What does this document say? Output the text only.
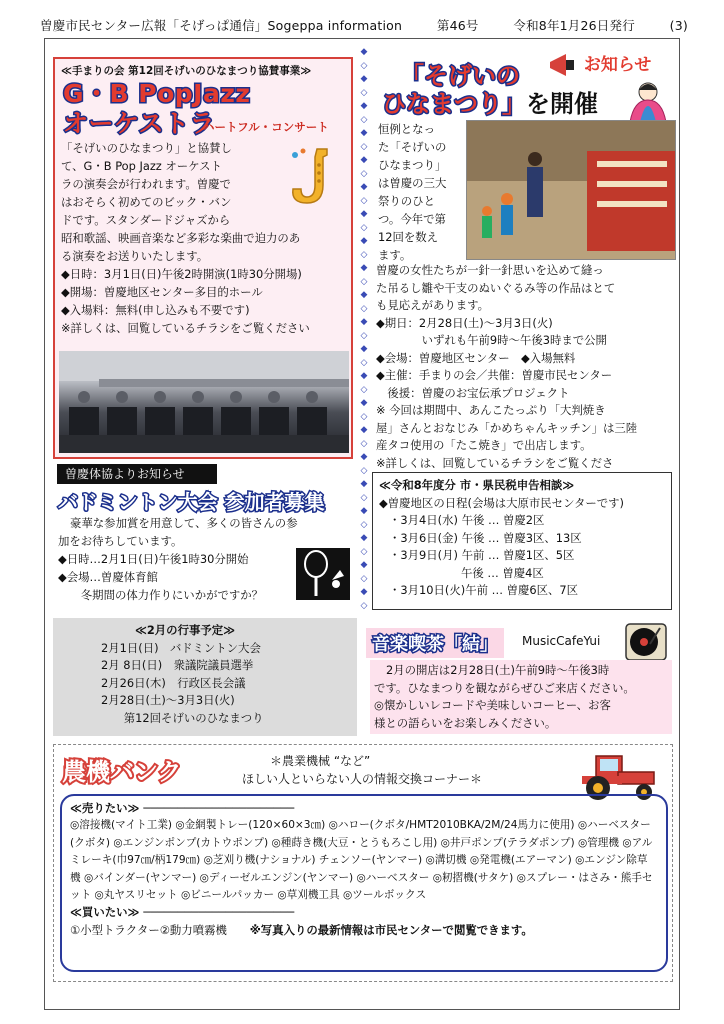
曽慶市民センター広報「そげっぱ通信」Sogeppa information	第46号	令和8年1月26日発行	(3)
≪手まりの会 第12回そげいのひなまつり協賛事業≫
G・B PopJazz
オーケストラ
ハートフル・コンサート
「そげいのひなまつり」と協賛し
て、G・B Pop Jazz オーケスト
ラの演奏会が行われます。曽慶で
はおそらく初めてのビック・バン
ドです。スタンダードジャズから
昭和歌謡、映画音楽など多彩な楽曲で迫力のあ
る演奏をお送りいたします。
◆日時：3月1日(日)午後2時開演(1時30分開場)
◆開場：曽慶地区センター多目的ホール
◆入場料：無料(申し込みも不要です)
※詳しくは、回覧しているチラシをご覧ください
◆
◇
◆
◇
◆
◇
◆
◇
◆
◇
◆
◇
◆
◇
◆
◇
◆
◇
◆
◇
◆
◇
◆
◇
◆
◇
◆
◇
◆
◇
◆
◇
◆
◇
◆
◇
◆
◇
◆
◇
◆
◇
「そげいの
ひなまつり」を開催
お知らせ
恒例となっ
た「そげいの
ひなまつり」
は曽慶の三大
祭りのひと
つ。今年で第
12回を数え
ます。
曽慶の女性たちが一針一針思いを込めて縫っ
た吊るし雛や干支のぬいぐるみ等の作品はとて
も見応えがあります。
◆期日：2月28日(土)～3月3日(火)
　　　　いずれも午前9時～午後3時まで公開
◆会場：曽慶地区センター　◆入場無料
◆主催：手まりの会／共催：曽慶市民センター
　後援：曽慶のお宝伝承プロジェクト
※ 今回は期間中、あんこたっぷり「大判焼き
屋」さんとおなじみ「かめちゃんキッチン」は三陸
産タコ使用の「たこ焼き」で出店します。
※詳しくは、回覧しているチラシをご覧くださ
≪令和8年度分 市・県民税申告相談≫
◆曽慶地区の日程(会場は大原市民センターです)
・3月4日(水) 午後 … 曽慶2区
・3月6日(金) 午後 … 曽慶3区、13区
・3月9日(月) 午前 … 曽慶1区、5区
　　　　　　 午後 … 曽慶4区
・3月10日(火)午前 … 曽慶6区、7区
曽慶体協よりお知らせ
バドミントン大会 参加者募集
豪華な参加賞を用意して、多くの皆さんの参
加をお待ちしています。
◆日時…2月1日(日)午後1時30分開始
◆会場…曽慶体育館
　　冬期間の体力作りにいかがですか？
≪2月の行事予定≫
2月1日(日)　バドミントン大会
2月 8日(日)　衆議院議員選挙
2月26日(木)　行政区長会議
2月28日(土)～3月3日(火)
　　第12回そげいのひなまつり
音楽喫茶「結」	MusicCafeYui
2月の開店は2月28日(土)午前9時～午後3時
です。ひなまつりを観ながらぜひご来店ください。
◎懐かしいレコードや美味しいコーヒー、お客
様との語らいをお楽しみください。
農機バンク	＊農業機械 “など”
ほしい人といらない人の情報交換コーナー＊
≪売りたい≫ ──────────────────────
◎溶接機(マイト工業) ◎金網製トレー(120×60×3㎝) ◎ハロー(クボタ/HMT2010BKA/2M/24馬力に使用) ◎ハーベスター(クボタ) ◎エンジンポンプ(カトウポンプ) ◎種蒔き機(大豆・とうもろこし用) ◎井戸ポンプ(テラダポンプ) ◎管理機 ◎アルミレーキ(巾97㎝/柄179㎝) ◎芝刈り機(ナショナル) チェンソー(ヤンマー) ◎溝切機 ◎発電機(エアーマン) ◎エンジン除草機 ◎バインダー(ヤンマー) ◎ディーゼルエンジン(ヤンマー) ◎ハーベスター ◎籾摺機(サタケ) ◎スプレー・はさみ・熊手セット ◎丸ヤスリセット ◎ビニールパッカー ◎草刈機工具 ◎ツールボックス
≪買いたい≫ ──────────────────────
①小型トラクター②動力噴霧機　　 ※写真入りの最新情報は市民センターで閲覧できます。
